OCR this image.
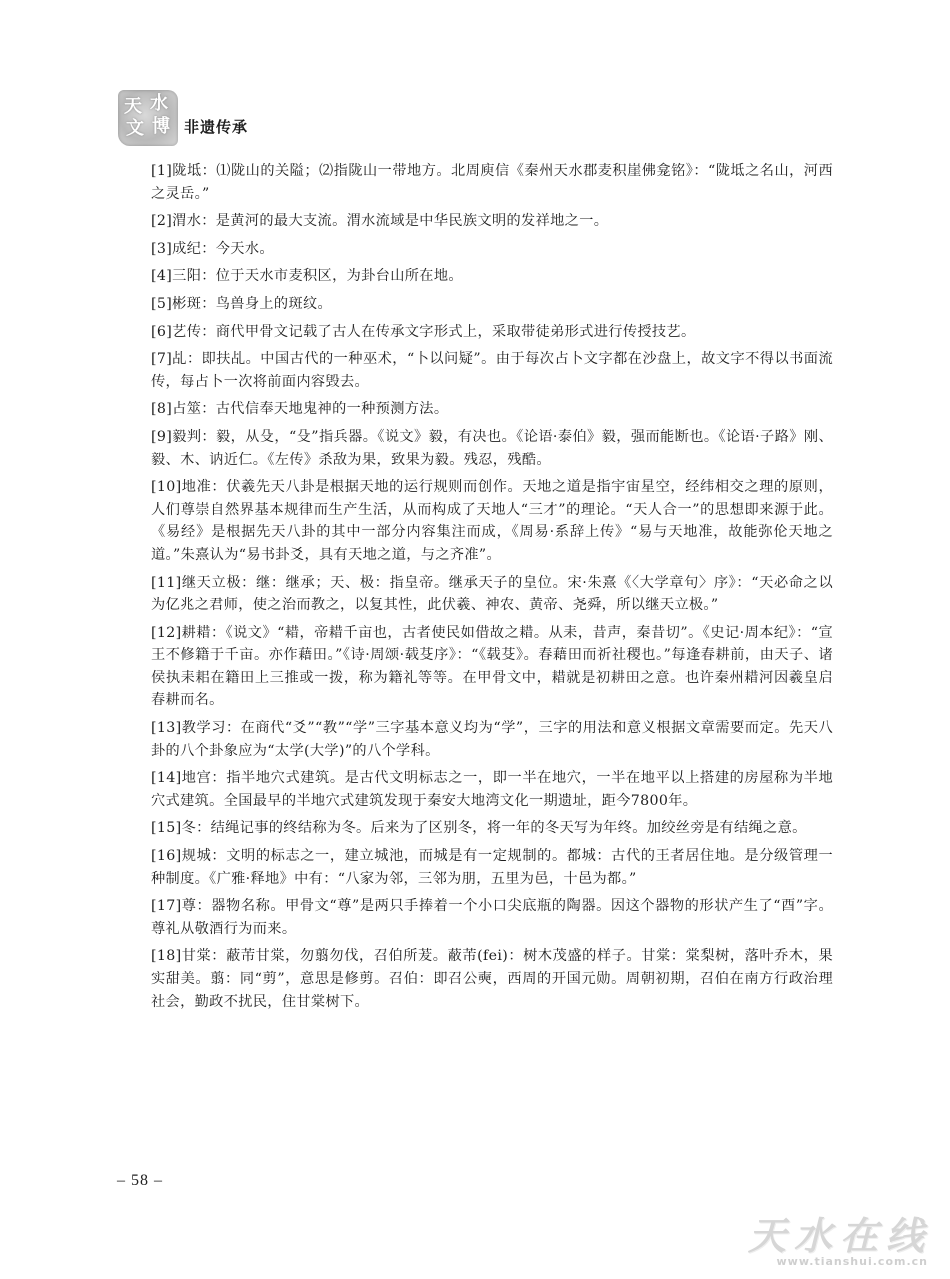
天 水
文 博 非遗传承

[1]陇坻：⑴陇山的关隘；⑵指陇山一带地方。北周庾信《秦州天水郡麦积崖佛龛铭》：“陇坻之名山，河西之灵岳。”

[2]渭水：是黄河的最大支流。渭水流域是中华民族文明的发祥地之一。

[3]成纪：今天水。

[4]三阳：位于天水市麦积区，为卦台山所在地。

[5]彬斑：鸟兽身上的斑纹。

[6]艺传：商代甲骨文记载了古人在传承文字形式上，采取带徒弟形式进行传授技艺。

[7]乩：即扶乩。中国古代的一种巫术，“卜以问疑”。由于每次占卜文字都在沙盘上，故文字不得以书面流传，每占卜一次将前面内容毁去。

[8]占筮：古代信奉天地鬼神的一种预测方法。

[9]毅判：毅，从殳，“殳”指兵器。《说文》毅，有决也。《论语·泰伯》毅，强而能断也。《论语·子路》刚、毅、木、讷近仁。《左传》杀敌为果，致果为毅。残忍，残酷。

[10]地准：伏羲先天八卦是根据天地的运行规则而创作。天地之道是指宇宙星空，经纬相交之理的原则，人们尊崇自然界基本规律而生产生活，从而构成了天地人“三才”的理论。“天人合一”的思想即来源于此。《易经》是根据先天八卦的其中一部分内容集注而成，《周易·系辞上传》“易与天地准，故能弥伦天地之道。”朱熹认为“易书卦爻，具有天地之道，与之齐准”。

[11]继天立极：继：继承；天、极：指皇帝。继承天子的皇位。宋·朱熹《〈大学章句〉序》：“天必命之以为亿兆之君师，使之治而教之，以复其性，此伏羲、神农、黄帝、尧舜，所以继天立极。”

[12]耕耤：《说文》“耤，帝耤千亩也，古者使民如借故之耤。从耒，昔声，秦昔切”。《史记·周本纪》：“宣王不修籍于千亩。亦作藉田。”《诗·周颂·载芟序》：“《载芟》。春藉田而祈社稷也。”每逢春耕前，由天子、诸侯执耒耜在籍田上三推或一拨，称为籍礼等等。在甲骨文中，耤就是初耕田之意。也许秦州耤河因羲皇启春耕而名。

[13]教学习：在商代“爻”“教”“学”三字基本意义均为“学”，三字的用法和意义根据文章需要而定。先天八卦的八个卦象应为“太学(大学)”的八个学科。

[14]地宫：指半地穴式建筑。是古代文明标志之一，即一半在地穴，一半在地平以上搭建的房屋称为半地穴式建筑。全国最早的半地穴式建筑发现于秦安大地湾文化一期遗址，距今7800年。

[15]冬：结绳记事的终结称为冬。后来为了区别冬，将一年的冬天写为年终。加绞丝旁是有结绳之意。

[16]规城：文明的标志之一，建立城池，而城是有一定规制的。都城：古代的王者居住地。是分级管理一种制度。《广雅·释地》中有：“八家为邻，三邻为朋，五里为邑，十邑为都。”

[17]尊：器物名称。甲骨文“尊”是两只手捧着一个小口尖底瓶的陶器。因这个器物的形状产生了“酉”字。尊礼从敬酒行为而来。

[18]甘棠：蔽芾甘棠，勿翦勿伐，召伯所茇。蔽芾(fei)：树木茂盛的样子。甘棠：棠梨树，落叶乔木，果实甜美。翦：同“剪”，意思是修剪。召伯：即召公奭，西周的开国元勋。周朝初期，召伯在南方行政治理社会，勤政不扰民，住甘棠树下。

– 58 –
天水在线
www.tianshui.com.cn
